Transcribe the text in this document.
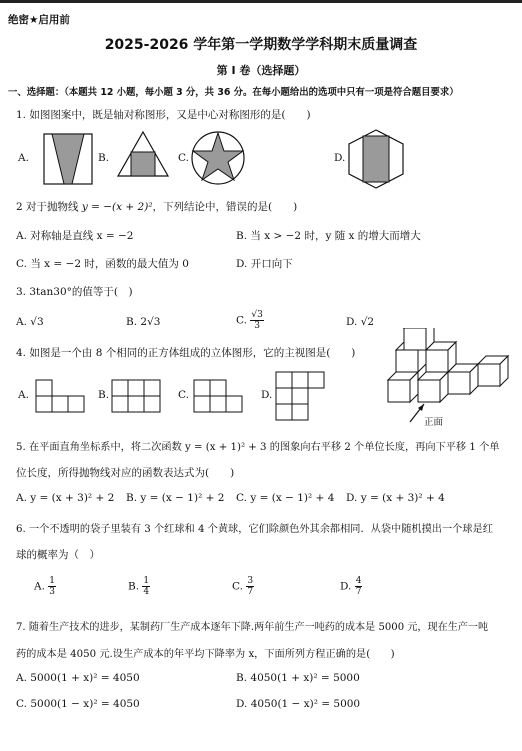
绝密★启用前
2025-2026 学年第一学期数学学科期末质量调查
第 I 卷（选择题）
一、选择题：（本题共 12 小题，每小题 3 分，共 36 分。在每小题给出的选项中只有一项是符合题目要求）
1. 如图图案中，既是轴对称图形，又是中心对称图形的是(　　)
A.	B.	C.	D.
2 对于抛物线 y = −(x + 2)²，下列结论中，错误的是(　　)
A. 对称轴是直线 x = −2	B. 当 x > −2 时，y 随 x 的增大而增大
C. 当 x = −2 时，函数的最大值为 0	D. 开口向下
3. 3tan30°的值等于(　)
A. √3	B. 2√3	C. $\frac{√3}{3}$	D. √2
4. 如图是一个由 8 个相同的正方体组成的立体图形，它的主视图是(　　)
A.	B.	C.	D.
正面
5. 在平面直角坐标系中，将二次函数 y = (x + 1)² + 3 的图象向右平移 2 个单位长度，再向下平移 1 个单
位长度，所得抛物线对应的函数表达式为(　　)
A. y = (x + 3)² + 2 B. y = (x − 1)² + 2 C. y = (x − 1)² + 4 D. y = (x + 3)² + 4
6. 一个不透明的袋子里装有 3 个红球和 4 个黄球，它们除颜色外其余都相同．从袋中随机摸出一个球是红
球的概率为（　）
A. $\frac{1}{3}$	B. $\frac{1}{4}$	C. $\frac{3}{7}$	D. $\frac{4}{7}$
7. 随着生产技术的进步，某制药厂生产成本逐年下降.两年前生产一吨药的成本是 5000 元，现在生产一吨
药的成本是 4050 元.设生产成本的年平均下降率为 x，下面所列方程正确的是(　　)
A. 5000(1 + x)² = 4050	B. 4050(1 + x)² = 5000
C. 5000(1 − x)² = 4050	D. 4050(1 − x)² = 5000
